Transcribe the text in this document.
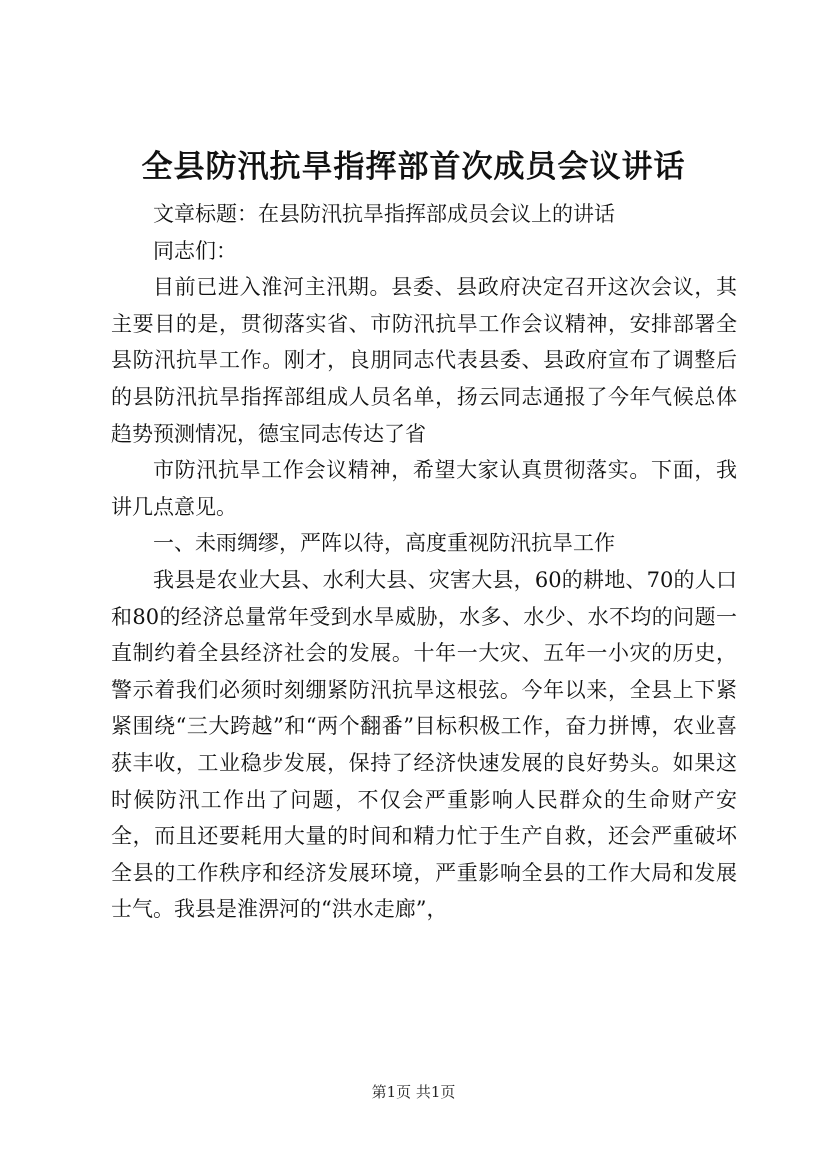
全县防汛抗旱指挥部首次成员会议讲话

文章标题：在县防汛抗旱指挥部成员会议上的讲话

同志们：

目前已进入淮河主汛期。县委、县政府决定召开这次会议，其主要目的是，贯彻落实省、市防汛抗旱工作会议精神，安排部署全县防汛抗旱工作。刚才，良朋同志代表县委、县政府宣布了调整后的县防汛抗旱指挥部组成人员名单，扬云同志通报了今年气候总体趋势预测情况，德宝同志传达了省

市防汛抗旱工作会议精神，希望大家认真贯彻落实。下面，我讲几点意见。

一、未雨绸缪，严阵以待，高度重视防汛抗旱工作

我县是农业大县、水利大县、灾害大县，60的耕地、70的人口和80的经济总量常年受到水旱威胁，水多、水少、水不均的问题一直制约着全县经济社会的发展。十年一大灾、五年一小灾的历史，警示着我们必须时刻绷紧防汛抗旱这根弦。今年以来，全县上下紧紧围绕“三大跨越”和“两个翻番”目标积极工作，奋力拼博，农业喜获丰收，工业稳步发展，保持了经济快速发展的良好势头。如果这时候防汛工作出了问题，不仅会严重影响人民群众的生命财产安全，而且还要耗用大量的时间和精力忙于生产自救，还会严重破坏全县的工作秩序和经济发展环境，严重影响全县的工作大局和发展士气。我县是淮淠河的“洪水走廊”，

第1页 共1页
